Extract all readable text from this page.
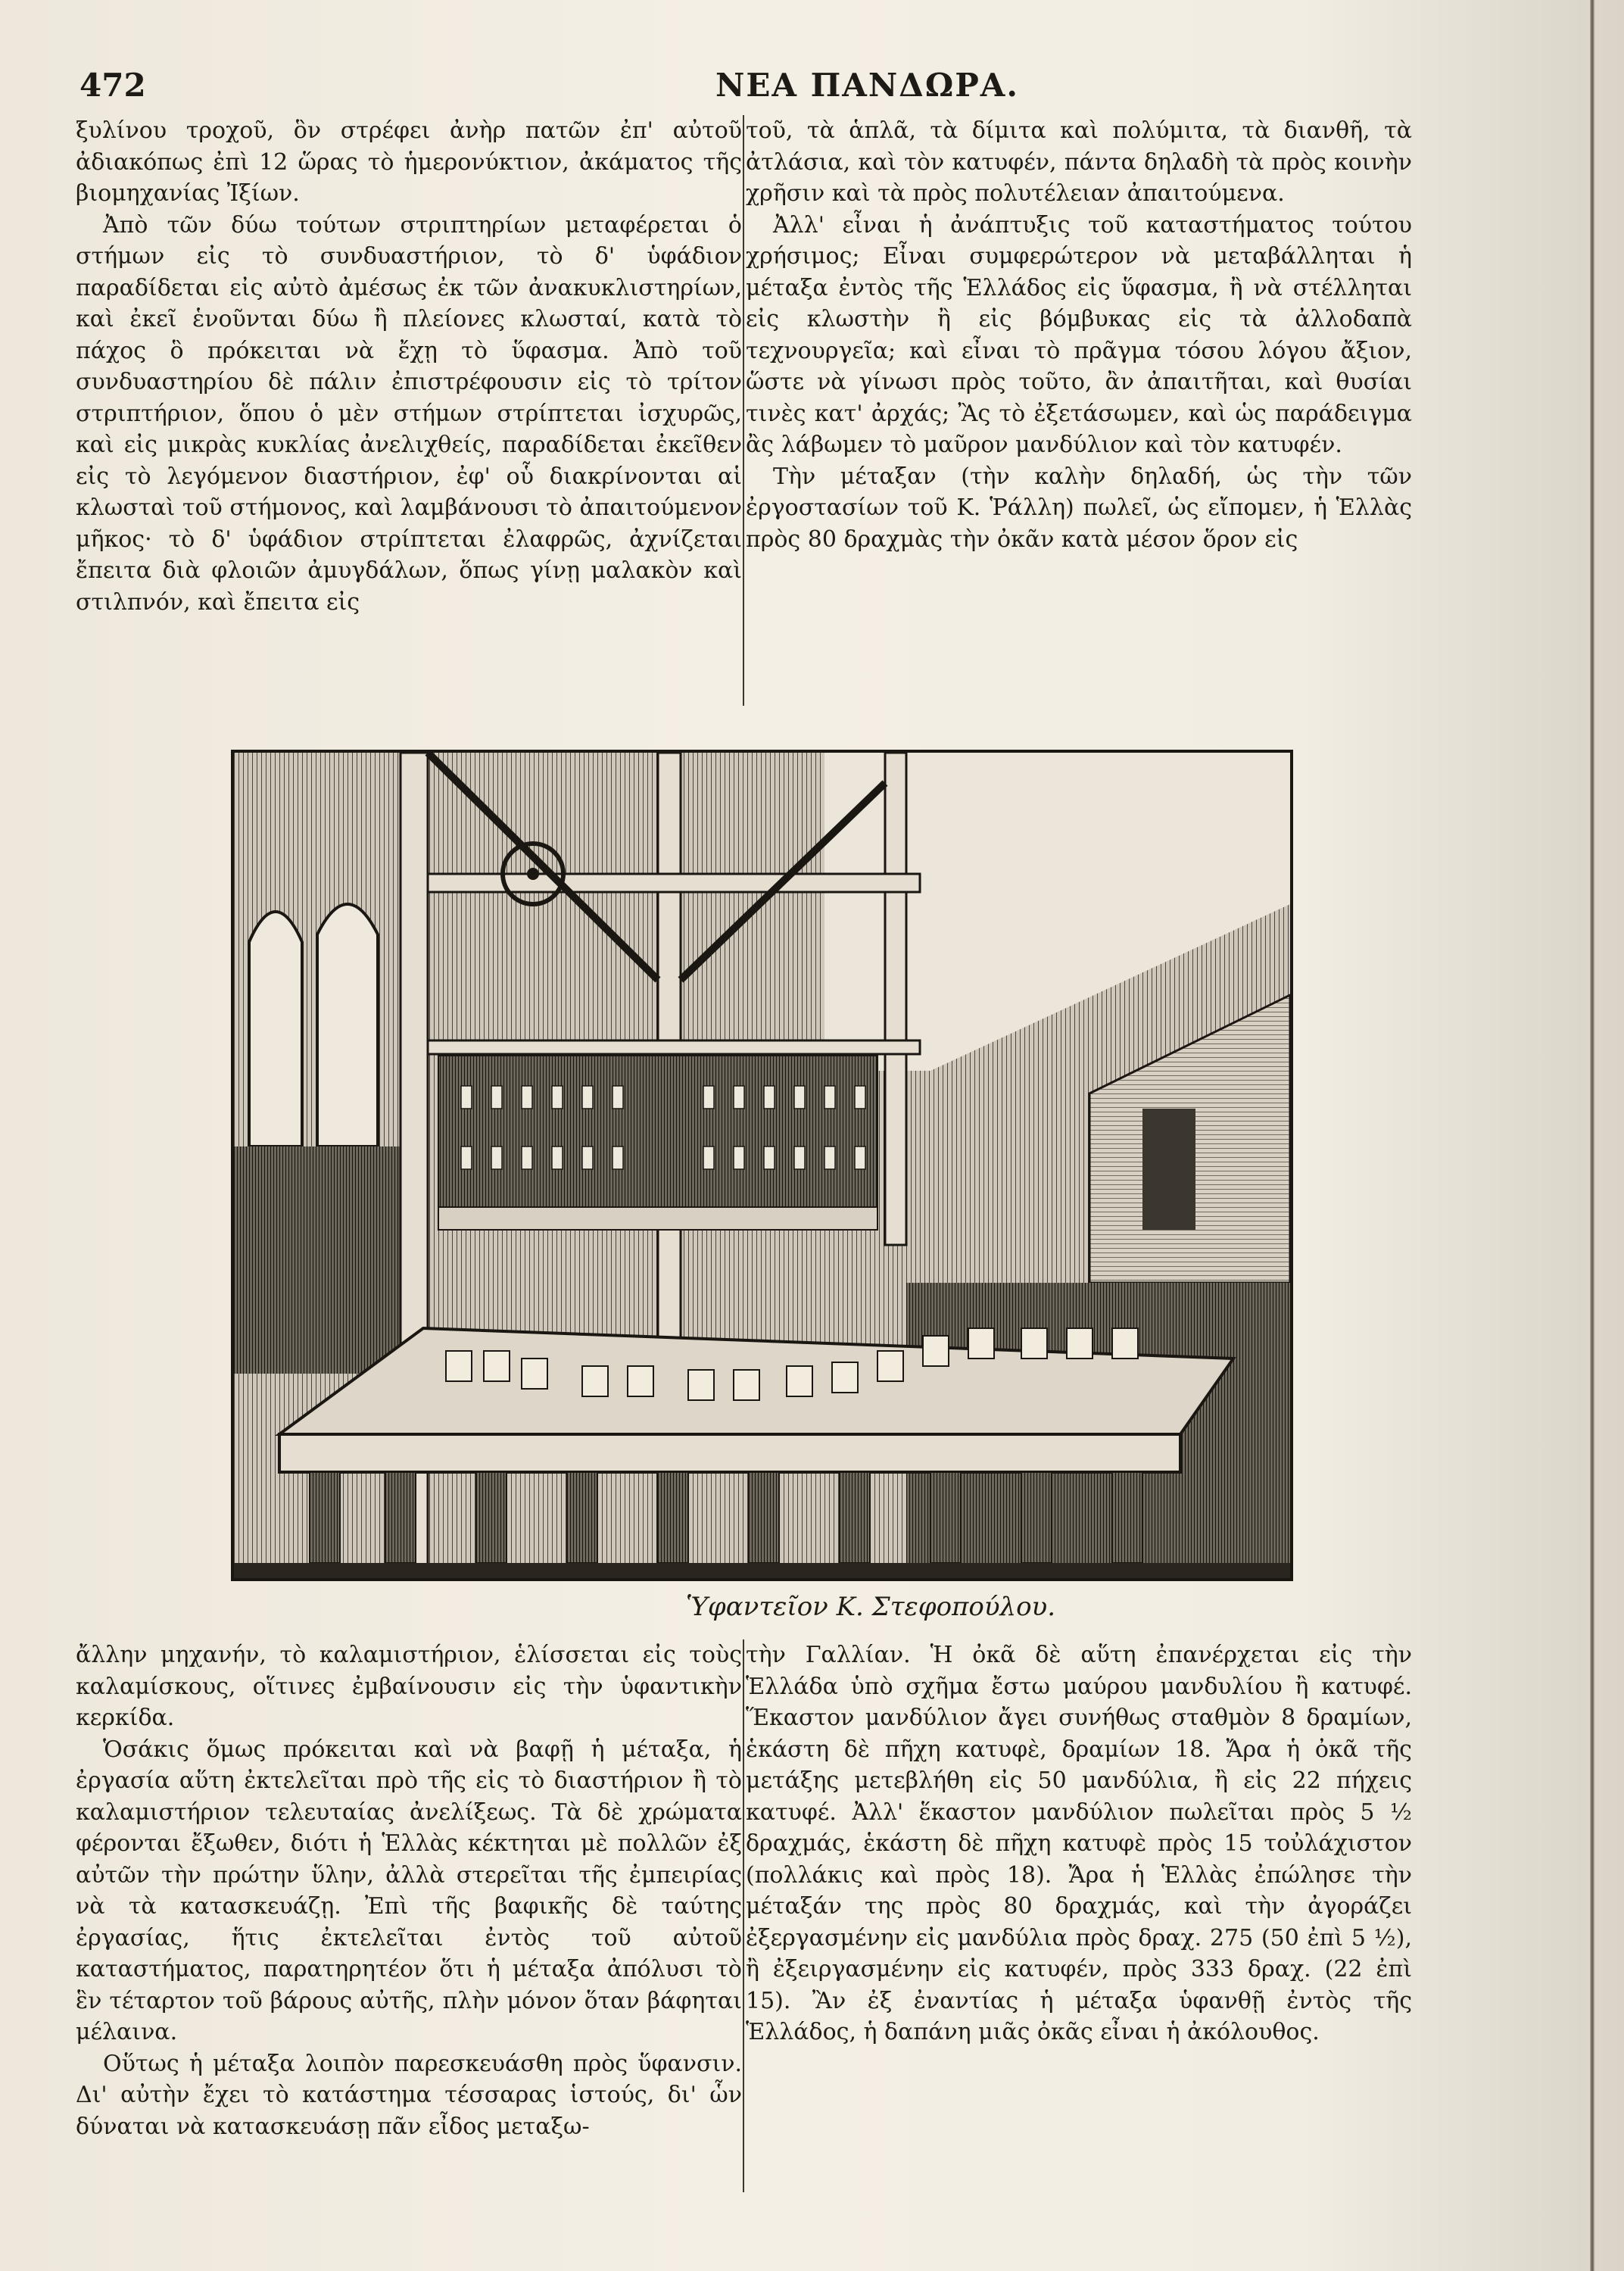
472	ΝΕΑ ΠΑΝΔΩΡΑ.

ξυλίνου τροχοῦ, ὃν στρέφει ἀνὴρ πατῶν ἐπ' αὐτοῦ ἀδιακόπως ἐπὶ 12 ὥρας τὸ ἡμερονύκτιον, ἀκάματος τῆς βιομηχανίας Ἰξίων.

Ἀπὸ τῶν δύω τούτων στριπτηρίων μεταφέρεται ὁ στήμων εἰς τὸ συνδυαστήριον, τὸ δ' ὑφάδιον παραδίδεται εἰς αὐτὸ ἀμέσως ἐκ τῶν ἀνακυκλιστηρίων, καὶ ἐκεῖ ἑνοῦνται δύω ἢ πλείονες κλωσταί, κατὰ τὸ πάχος ὃ πρόκειται νὰ ἔχῃ τὸ ὕφασμα. Ἀπὸ τοῦ συνδυαστηρίου δὲ πάλιν ἐπιστρέφουσιν εἰς τὸ τρίτον στριπτήριον, ὅπου ὁ μὲν στήμων στρίπτεται ἰσχυρῶς, καὶ εἰς μικρὰς κυκλίας ἀνελιχθείς, παραδίδεται ἐκεῖθεν εἰς τὸ λεγόμενον διαστήριον, ἐφ' οὗ διακρίνονται αἱ κλωσταὶ τοῦ στήμονος, καὶ λαμβάνουσι τὸ ἀπαιτούμενον μῆκος· τὸ δ' ὑφάδιον στρίπτεται ἐλαφρῶς, ἀχνίζεται ἔπειτα διὰ φλοιῶν ἀμυγδάλων, ὅπως γίνῃ μαλακὸν καὶ στιλπνόν, καὶ ἔπειτα εἰς

τοῦ, τὰ ἁπλᾶ, τὰ δίμιτα καὶ πολύμιτα, τὰ διανθῆ, τὰ ἀτλάσια, καὶ τὸν κατυφέν, πάντα δηλαδὴ τὰ πρὸς κοινὴν χρῆσιν καὶ τὰ πρὸς πολυτέλειαν ἀπαιτούμενα.

Ἀλλ' εἶναι ἡ ἀνάπτυξις τοῦ καταστήματος τούτου χρήσιμος; Εἶναι συμφερώτερον νὰ μεταβάλληται ἡ μέταξα ἐντὸς τῆς Ἑλλάδος εἰς ὕφασμα, ἢ νὰ στέλληται εἰς κλωστὴν ἢ εἰς βόμβυκας εἰς τὰ ἀλλοδαπὰ τεχνουργεῖα; καὶ εἶναι τὸ πρᾶγμα τόσου λόγου ἄξιον, ὥστε νὰ γίνωσι πρὸς τοῦτο, ἂν ἀπαιτῆται, καὶ θυσίαι τινὲς κατ' ἀρχάς; Ἂς τὸ ἐξετάσωμεν, καὶ ὡς παράδειγμα ἂς λάβωμεν τὸ μαῦρον μανδύλιον καὶ τὸν κατυφέν.

Τὴν μέταξαν (τὴν καλὴν δηλαδή, ὡς τὴν τῶν ἐργοστασίων τοῦ Κ. Ῥάλλη) πωλεῖ, ὡς εἴπομεν, ἡ Ἑλλὰς πρὸς 80 δραχμὰς τὴν ὀκᾶν κατὰ μέσον ὅρον εἰς

Ὑφαντεῖον Κ. Στεφοπούλου.

ἄλλην μηχανήν, τὸ καλαμιστήριον, ἑλίσσεται εἰς τοὺς καλαμίσκους, οἵτινες ἐμβαίνουσιν εἰς τὴν ὑφαντικὴν κερκίδα.

Ὁσάκις ὅμως πρόκειται καὶ νὰ βαφῇ ἡ μέταξα, ἡ ἐργασία αὕτη ἐκτελεῖται πρὸ τῆς εἰς τὸ διαστήριον ἢ τὸ καλαμιστήριον τελευταίας ἀνελίξεως. Τὰ δὲ χρώματα φέρονται ἔξωθεν, διότι ἡ Ἑλλὰς κέκτηται μὲ πολλῶν ἐξ αὐτῶν τὴν πρώτην ὕλην, ἀλλὰ στερεῖται τῆς ἐμπειρίας νὰ τὰ κατασκευάζῃ. Ἐπὶ τῆς βαφικῆς δὲ ταύτης ἐργασίας, ἥτις ἐκτελεῖται ἐντὸς τοῦ αὐτοῦ καταστήματος, παρατηρητέον ὅτι ἡ μέταξα ἀπόλυσι τὸ ἓν τέταρτον τοῦ βάρους αὐτῆς, πλὴν μόνον ὅταν βάφηται μέλαινα.

Οὕτως ἡ μέταξα λοιπὸν παρεσκευάσθη πρὸς ὕφανσιν. Δι' αὐτὴν ἔχει τὸ κατάστημα τέσσαρας ἱστούς, δι' ὧν δύναται νὰ κατασκευάσῃ πᾶν εἶδος μεταξω-

τὴν Γαλλίαν. Ἡ ὀκᾶ δὲ αὕτη ἐπανέρχεται εἰς τὴν Ἑλλάδα ὑπὸ σχῆμα ἔστω μαύρου μανδυλίου ἢ κατυφέ. Ἕκαστον μανδύλιον ἄγει συνήθως σταθμὸν 8 δραμίων, ἑκάστη δὲ πῆχη κατυφὲ, δραμίων 18. Ἄρα ἡ ὀκᾶ τῆς μετάξης μετεβλήθη εἰς 50 μανδύλια, ἢ εἰς 22 πήχεις κατυφέ. Ἀλλ' ἕκαστον μανδύλιον πωλεῖται πρὸς 5 ½ δραχμάς, ἑκάστη δὲ πῆχη κατυφὲ πρὸς 15 τοὐλάχιστον (πολλάκις καὶ πρὸς 18). Ἄρα ἡ Ἑλλὰς ἐπώλησε τὴν μέταξάν της πρὸς 80 δραχμάς, καὶ τὴν ἀγοράζει ἐξεργασμένην εἰς μανδύλια πρὸς δραχ. 275 (50 ἐπὶ 5 ½), ἢ ἐξειργασμένην εἰς κατυφέν, πρὸς 333 δραχ. (22 ἐπὶ 15). Ἂν ἐξ ἐναντίας ἡ μέταξα ὑφανθῇ ἐντὸς τῆς Ἑλλάδος, ἡ δαπάνη μιᾶς ὀκᾶς εἶναι ἡ ἀκόλουθος.
